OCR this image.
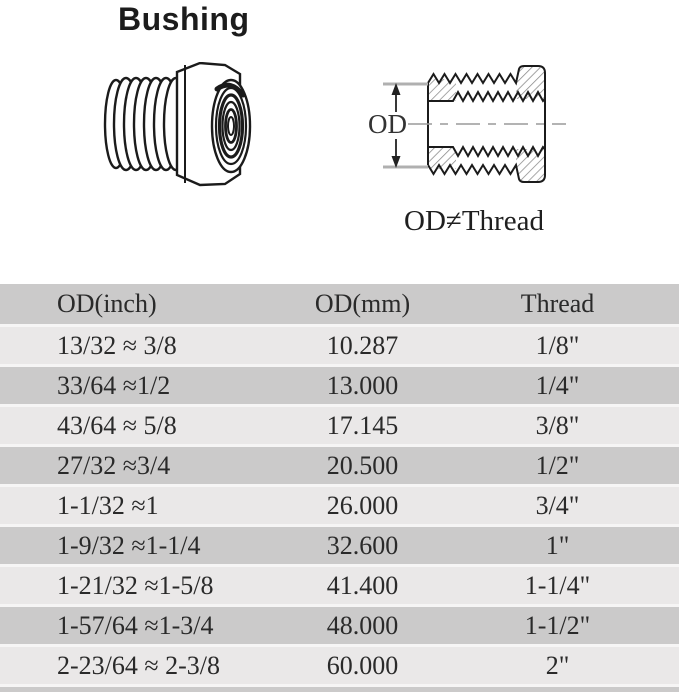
Bushing
OD
OD≠Thread
OD(inch)	OD(mm)	Thread
13/32 ≈ 3/8	10.287	1/8"
33/64 ≈1/2	13.000	1/4"
43/64 ≈ 5/8	17.145	3/8"
27/32 ≈3/4	20.500	1/2"
1-1/32 ≈1	26.000	3/4"
1-9/32 ≈1-1/4	32.600	1"
1-21/32 ≈1-5/8	41.400	1-1/4"
1-57/64 ≈1-3/4	48.000	1-1/2"
2-23/64 ≈ 2-3/8	60.000	2"
